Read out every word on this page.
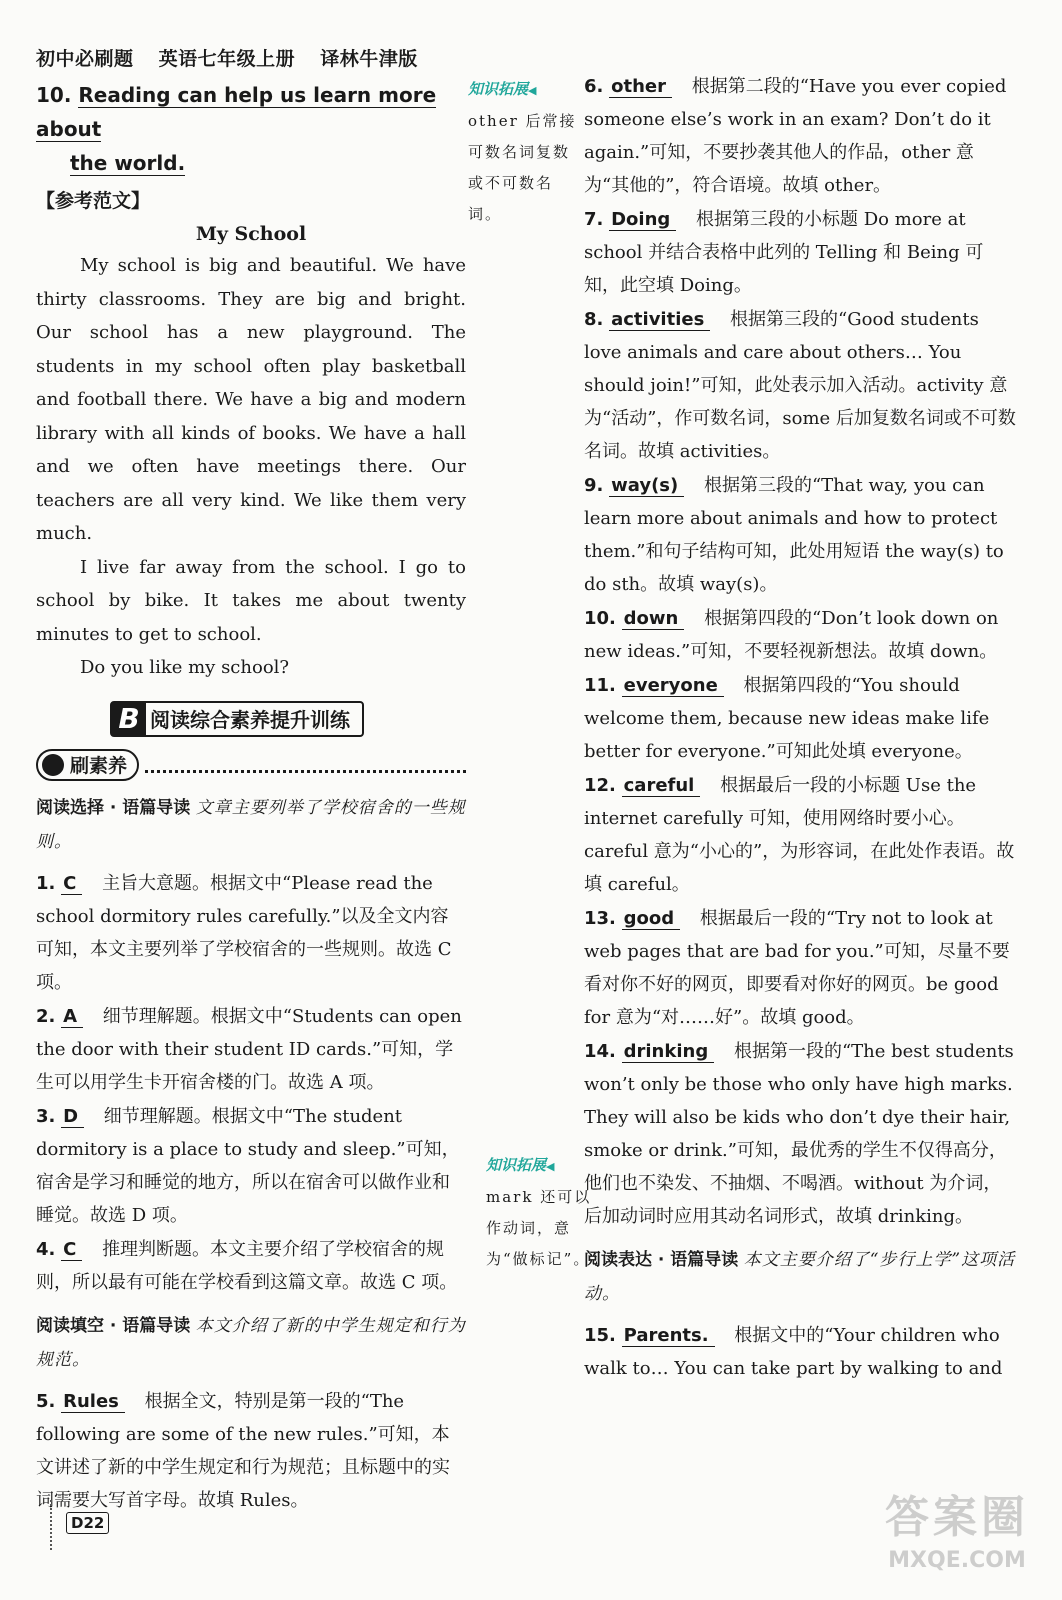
初中必刷题 英语七年级上册 译林牛津版
10. Reading can help us learn more about
the world.
【参考范文】
My School

My school is big and beautiful. We have thirty classrooms. They are big and bright. Our school has a new playground. The students in my school often play basketball and football there. We have a big and modern library with all kinds of books. We have a hall and we often have meetings there. Our teachers are all very kind. We like them very much.

I live far away from the school. I go to school by bike. It takes me about twenty minutes to get to school.

Do you like my school?

B 阅读综合素养提升训练
刷素养
阅读选择 · 语篇导读 文章主要列举了学校宿舍的一些规则。
1. C 主旨大意题。根据文中“Please read the school dormitory rules carefully.”以及全文内容可知，本文主要列举了学校宿舍的一些规则。故选 C 项。
2. A 细节理解题。根据文中“Students can open the door with their student ID cards.”可知，学生可以用学生卡开宿舍楼的门。故选 A 项。
3. D 细节理解题。根据文中“The student dormitory is a place to study and sleep.”可知，宿舍是学习和睡觉的地方，所以在宿舍可以做作业和睡觉。故选 D 项。
4. C 推理判断题。本文主要介绍了学校宿舍的规则，所以最有可能在学校看到这篇文章。故选 C 项。
阅读填空 · 语篇导读 本文介绍了新的中学生规定和行为规范。
5. Rules 根据全文，特别是第一段的“The following are some of the new rules.”可知，本文讲述了新的中学生规定和行为规范；且标题中的实词需要大写首字母。故填 Rules。
知识拓展◀
other 后常接可数名词复数或不可数名词。
知识拓展◀
mark 还可以作动词，意为“做标记”。
6. other 根据第二段的“Have you ever copied someone else’s work in an exam? Don’t do it again.”可知，不要抄袭其他人的作品，other 意为“其他的”，符合语境。故填 other。
7. Doing 根据第三段的小标题 Do more at school 并结合表格中此列的 Telling 和 Being 可知，此空填 Doing。
8. activities 根据第三段的“Good students love animals and care about others… You should join!”可知，此处表示加入活动。activity 意为“活动”，作可数名词，some 后加复数名词或不可数名词。故填 activities。
9. way(s) 根据第三段的“That way, you can learn more about animals and how to protect them.”和句子结构可知，此处用短语 the way(s) to do sth。故填 way(s)。
10. down 根据第四段的“Don’t look down on new ideas.”可知，不要轻视新想法。故填 down。
11. everyone 根据第四段的“You should welcome them, because new ideas make life better for everyone.”可知此处填 everyone。
12. careful 根据最后一段的小标题 Use the internet carefully 可知，使用网络时要小心。careful 意为“小心的”，为形容词，在此处作表语。故填 careful。
13. good 根据最后一段的“Try not to look at web pages that are bad for you.”可知，尽量不要看对你不好的网页，即要看对你好的网页。be good for 意为“对……好”。故填 good。
14. drinking 根据第一段的“The best students won’t only be those who only have high marks. They will also be kids who don’t dye their hair, smoke or drink.”可知，最优秀的学生不仅得高分，他们也不染发、不抽烟、不喝酒。without 为介词，后加动词时应用其动名词形式，故填 drinking。
阅读表达 · 语篇导读 本文主要介绍了“步行上学”这项活动。
15. Parents. 根据文中的“Your children who walk to… You can take part by walking to and
D22	答案圈
MXQE.COM
